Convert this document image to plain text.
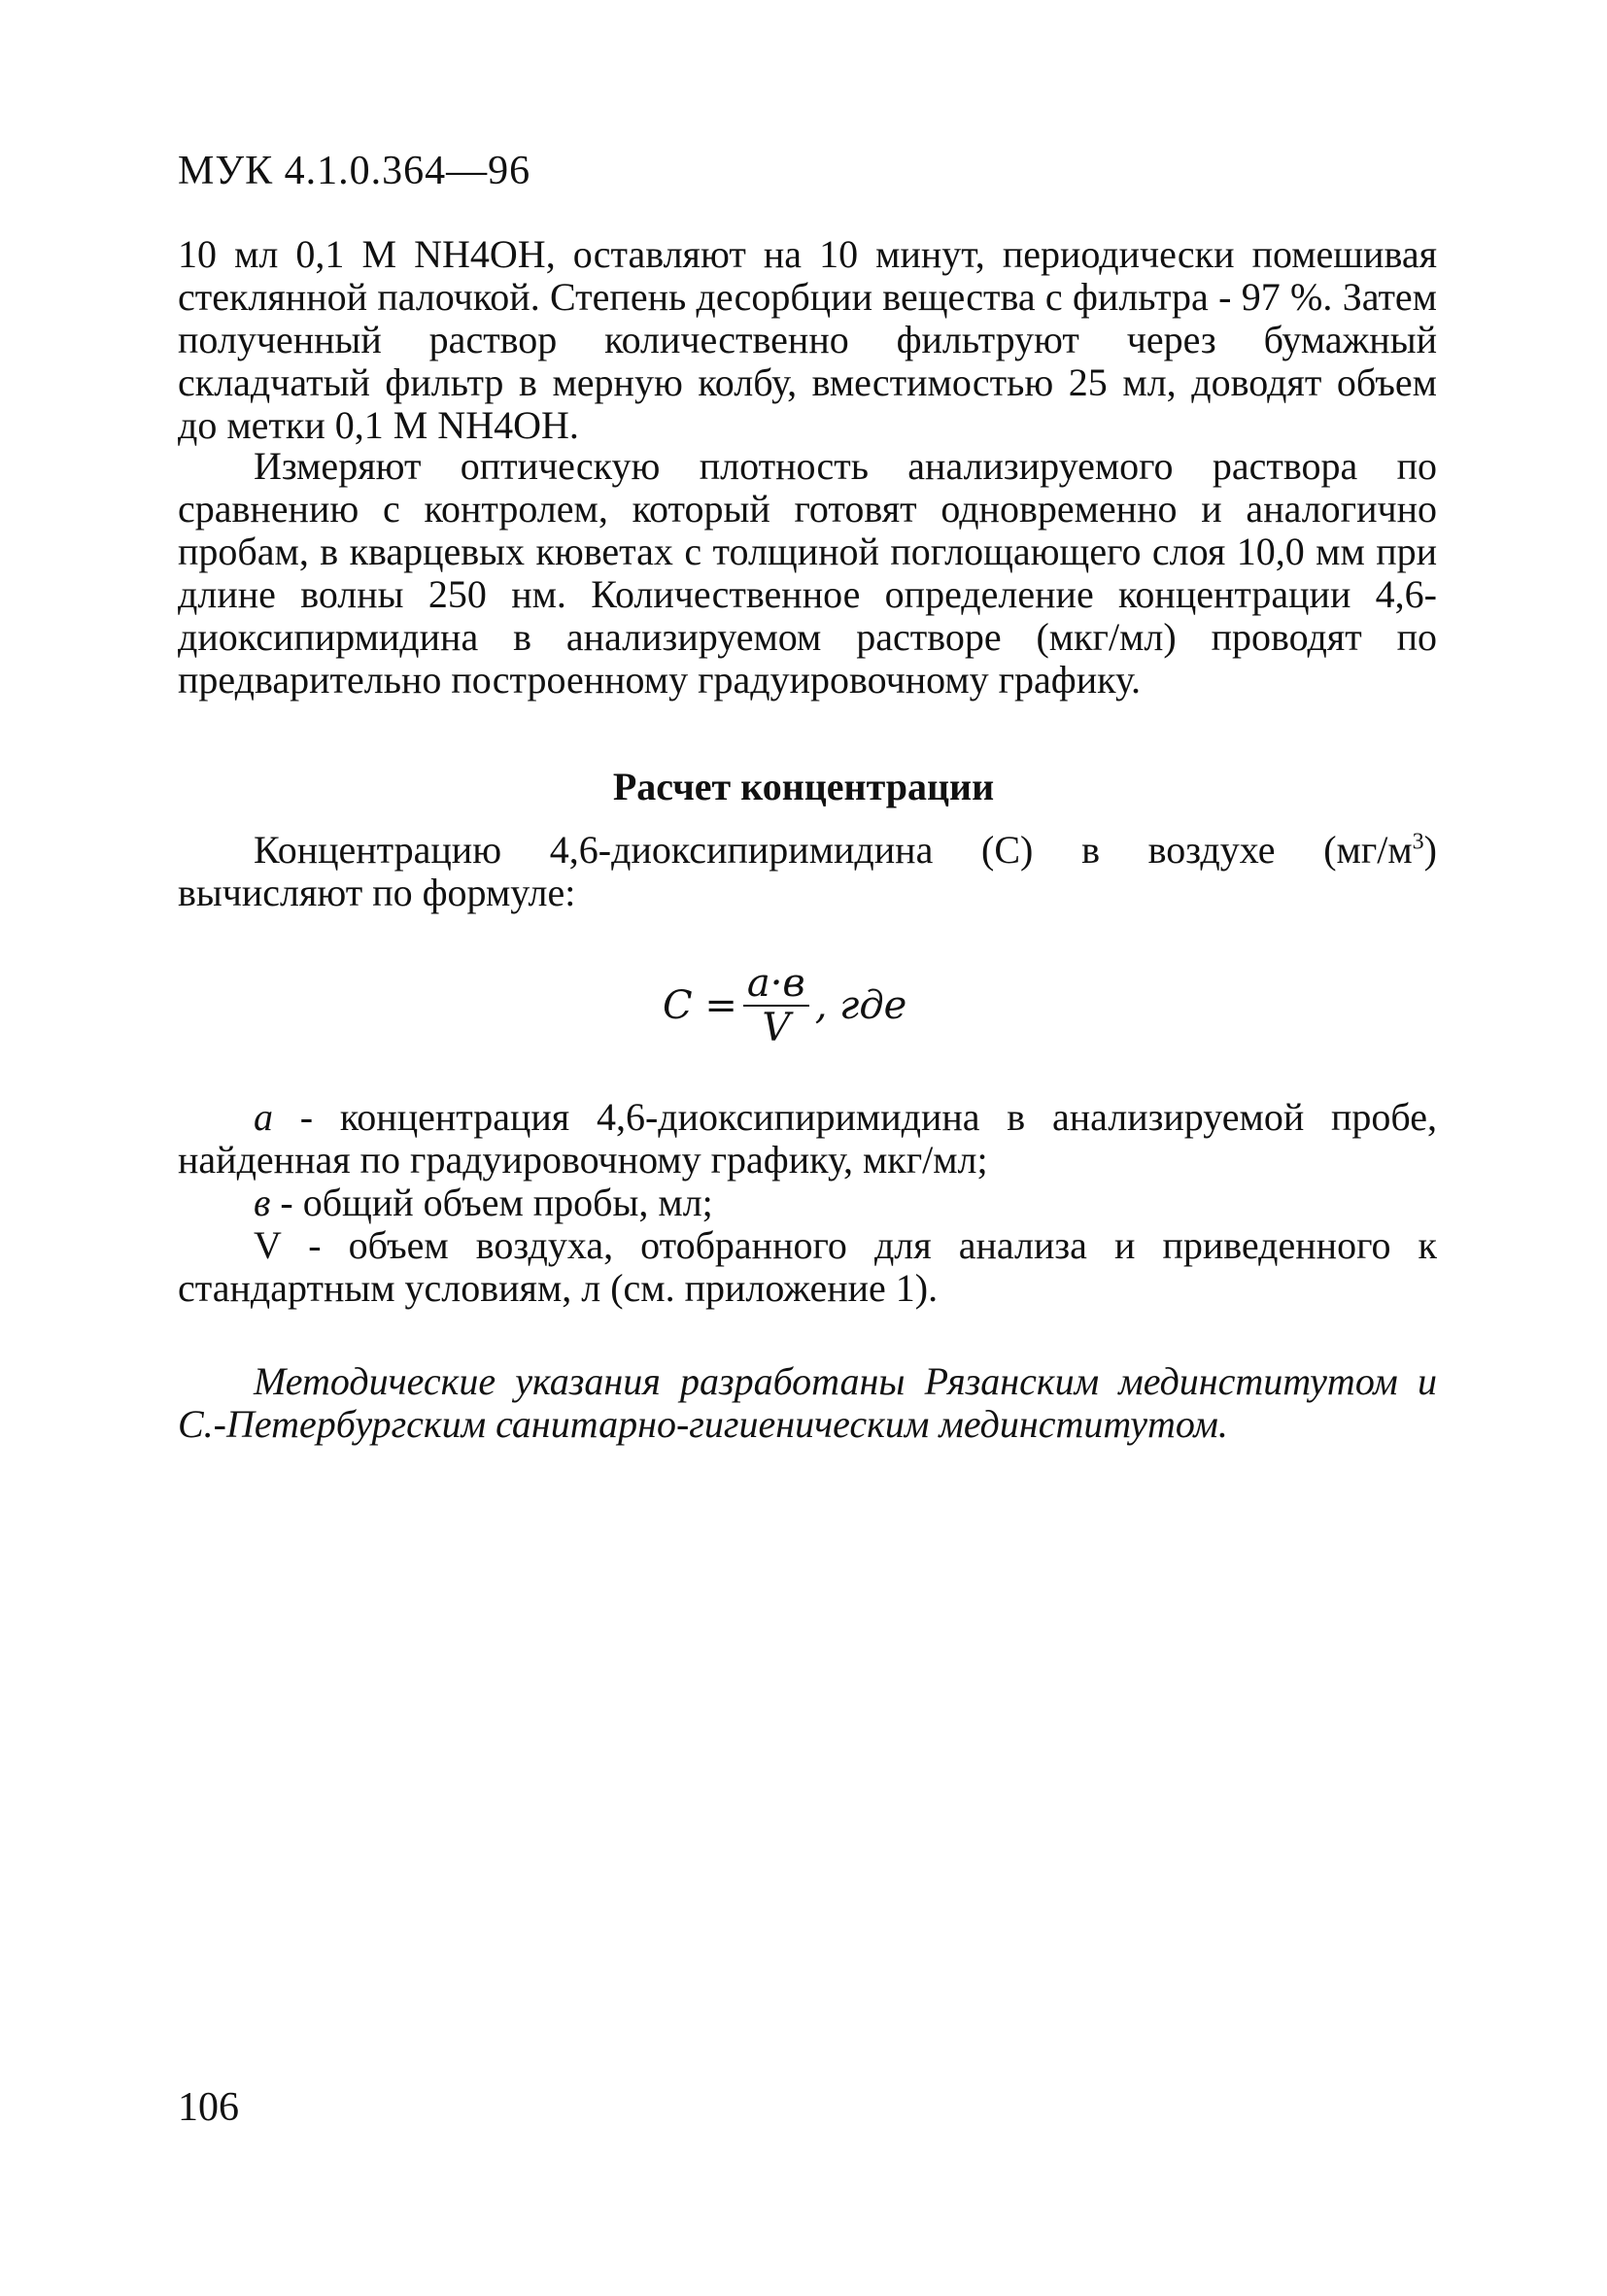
МУК 4.1.0.364—96

10 мл 0,1 М NH4OH, оставляют на 10 минут, периодически помешивая стеклянной палочкой. Степень десорбции вещества с фильтра - 97 %. Затем полученный раствор количественно фильтруют через бумажный складчатый фильтр в мерную колбу, вместимостью 25 мл, доводят объем до метки 0,1 М NH4OH.

Измеряют оптическую плотность анализируемого раствора по сравнению с контролем, который готовят одновременно и аналогично пробам, в кварцевых кюветах с толщиной поглощающего слоя 10,0 мм при длине волны 250 нм. Количественное определение концентрации 4,6-диоксипирмидина в анализируемом растворе (мкг/мл) проводят по предварительно построенному градуировочному графику.

Расчет концентрации

Концентрацию 4,6-диоксипиримидина (С) в воздухе $(мг/м^3)$ вычисляют по формуле:

$С = \frac{а\cdot в}{V}$ , где

а - концентрация 4,6-диоксипиримидина в анализируемой пробе, найденная по градуировочному графику, мкг/мл;

в - общий объем пробы, мл;

V - объем воздуха, отобранного для анализа и приведенного к стандартным условиям, л (см. приложение 1).

Методические указания разработаны Рязанским мединститутом и С.-Петербургским санитарно-гигиеническим мединститутом.

106
